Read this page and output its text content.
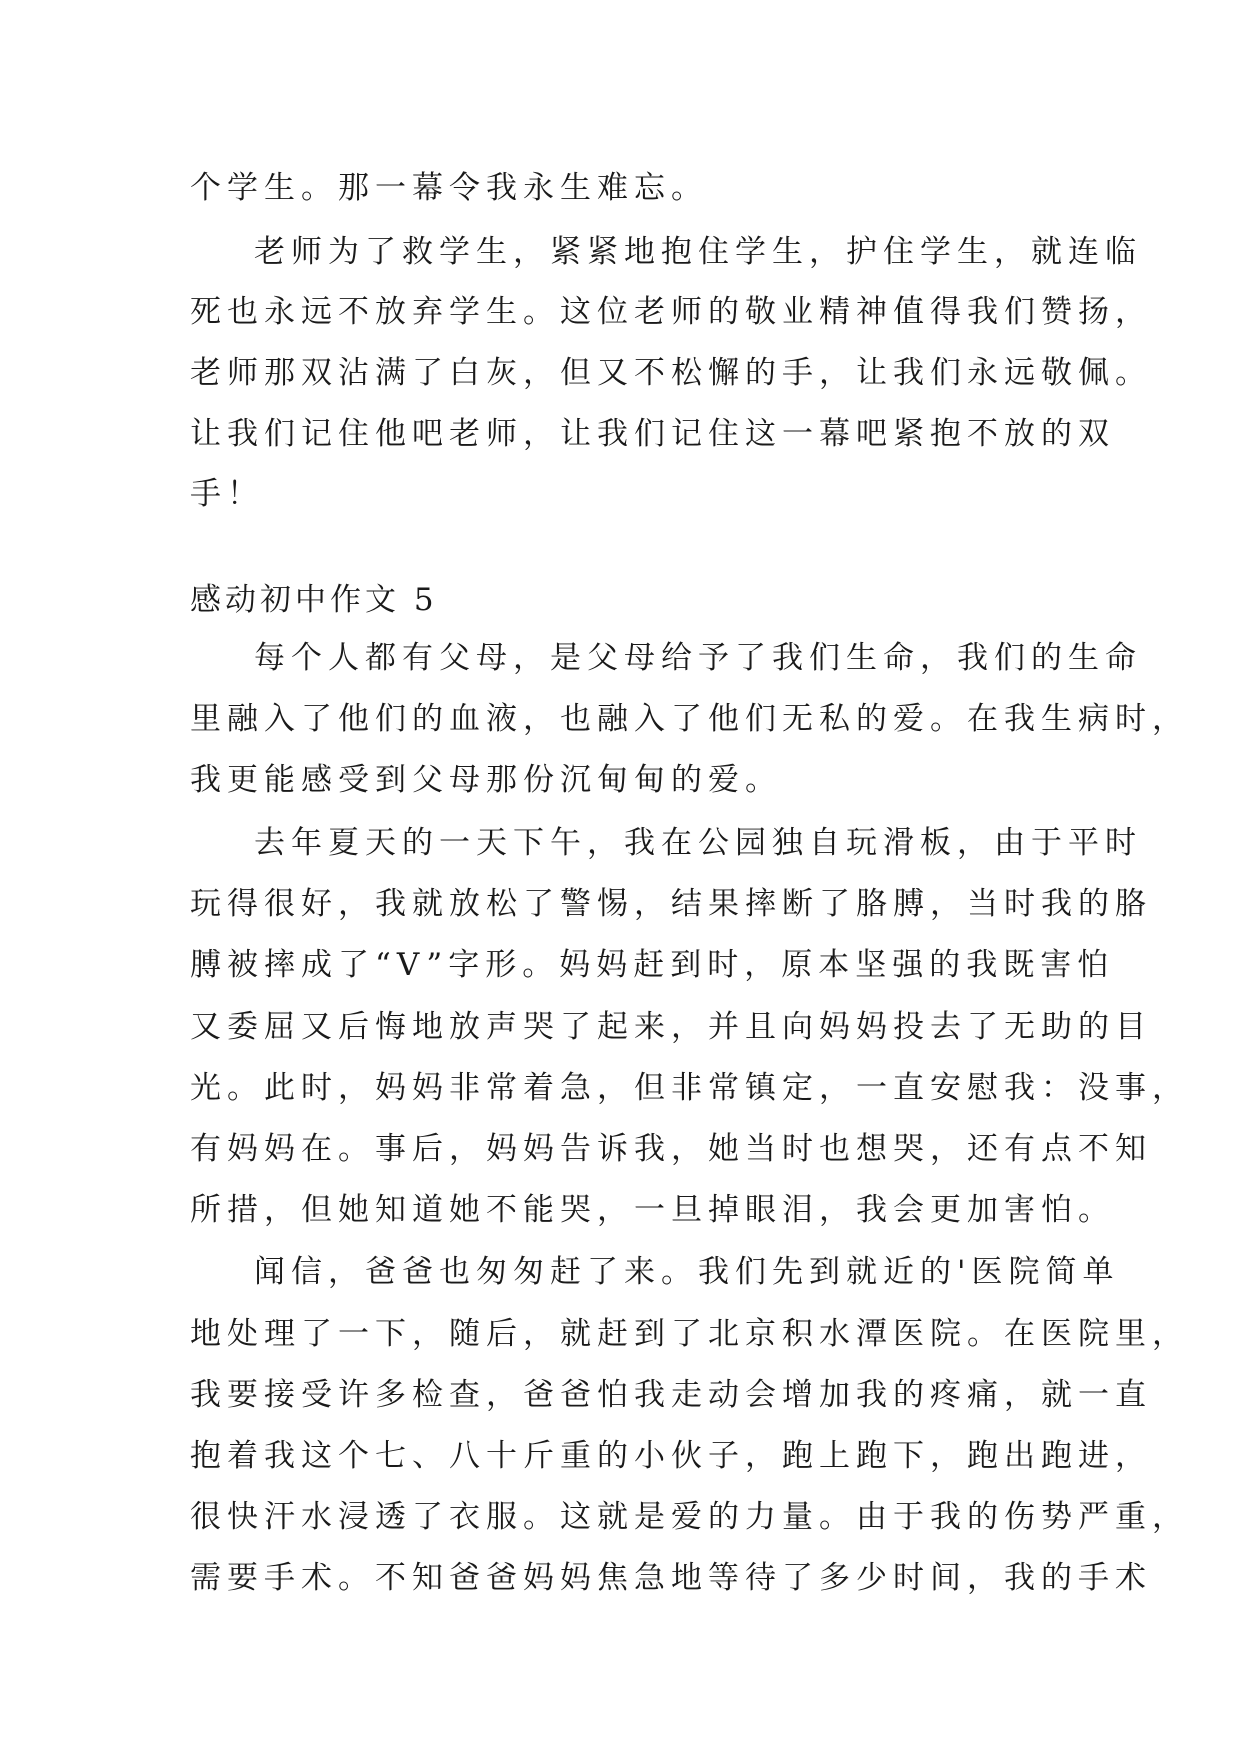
个学生。那一幕令我永生难忘。
老师为了救学生，紧紧地抱住学生，护住学生，就连临
死也永远不放弃学生。这位老师的敬业精神值得我们赞扬，
老师那双沾满了白灰，但又不松懈的手，让我们永远敬佩。
让我们记住他吧老师，让我们记住这一幕吧紧抱不放的双
手！
感动初中作文 5
每个人都有父母，是父母给予了我们生命，我们的生命
里融入了他们的血液，也融入了他们无私的爱。在我生病时，
我更能感受到父母那份沉甸甸的爱。
去年夏天的一天下午，我在公园独自玩滑板，由于平时
玩得很好，我就放松了警惕，结果摔断了胳膊，当时我的胳
膊被摔成了“V”字形。妈妈赶到时，原本坚强的我既害怕
又委屈又后悔地放声哭了起来，并且向妈妈投去了无助的目
光。此时，妈妈非常着急，但非常镇定，一直安慰我：没事，
有妈妈在。事后，妈妈告诉我，她当时也想哭，还有点不知
所措，但她知道她不能哭，一旦掉眼泪，我会更加害怕。
闻信，爸爸也匆匆赶了来。我们先到就近的'医院简单
地处理了一下，随后，就赶到了北京积水潭医院。在医院里，
我要接受许多检查，爸爸怕我走动会增加我的疼痛，就一直
抱着我这个七、八十斤重的小伙子，跑上跑下，跑出跑进，
很快汗水浸透了衣服。这就是爱的力量。由于我的伤势严重，
需要手术。不知爸爸妈妈焦急地等待了多少时间，我的手术
